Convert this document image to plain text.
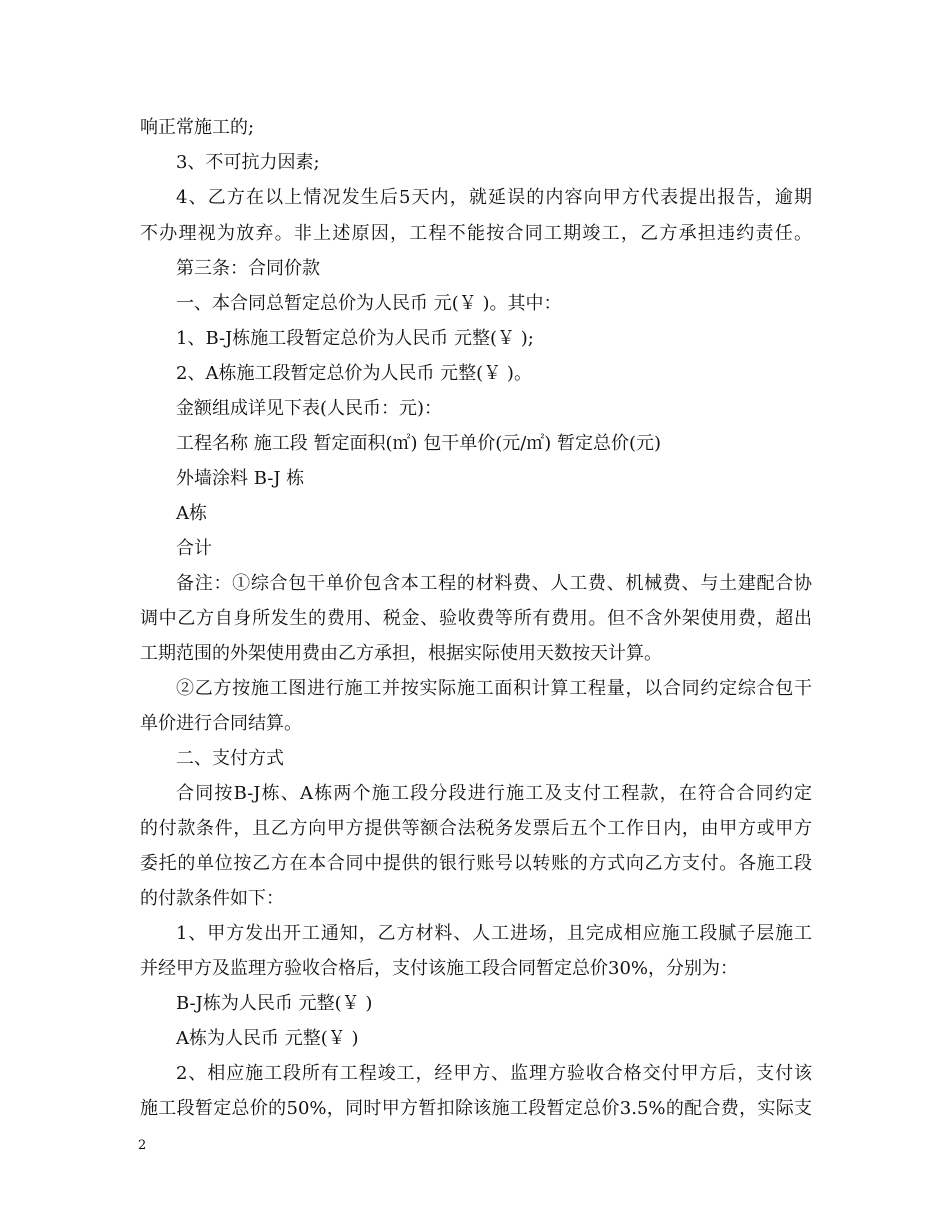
响正常施工的;
3、不可抗力因素;
4、乙方在以上情况发生后5天内，就延误的内容向甲方代表提出报告，逾期
不办理视为放弃。非上述原因，工程不能按合同工期竣工，乙方承担违约责任。
第三条：合同价款
一、本合同总暂定总价为人民币 元(￥ )。其中：
1、B-J栋施工段暂定总价为人民币 元整(￥ );
2、A栋施工段暂定总价为人民币 元整(￥ )。
金额组成详见下表(人民币：元)：
工程名称 施工段 暂定面积(㎡) 包干单价(元/㎡) 暂定总价(元)
外墙涂料 B-J 栋
A栋
合计
备注：①综合包干单价包含本工程的材料费、人工费、机械费、与土建配合协
调中乙方自身所发生的费用、税金、验收费等所有费用。但不含外架使用费，超出
工期范围的外架使用费由乙方承担，根据实际使用天数按天计算。
②乙方按施工图进行施工并按实际施工面积计算工程量，以合同约定综合包干
单价进行合同结算。
二、支付方式
合同按B-J栋、A栋两个施工段分段进行施工及支付工程款，在符合合同约定
的付款条件，且乙方向甲方提供等额合法税务发票后五个工作日内，由甲方或甲方
委托的单位按乙方在本合同中提供的银行账号以转账的方式向乙方支付。各施工段
的付款条件如下：
1、甲方发出开工通知，乙方材料、人工进场，且完成相应施工段腻子层施工
并经甲方及监理方验收合格后，支付该施工段合同暂定总价30%，分别为：
B-J栋为人民币 元整(￥ )
A栋为人民币 元整(￥ )
2、相应施工段所有工程竣工，经甲方、监理方验收合格交付甲方后，支付该
施工段暂定总价的50%，同时甲方暂扣除该施工段暂定总价3.5%的配合费，实际支
2
